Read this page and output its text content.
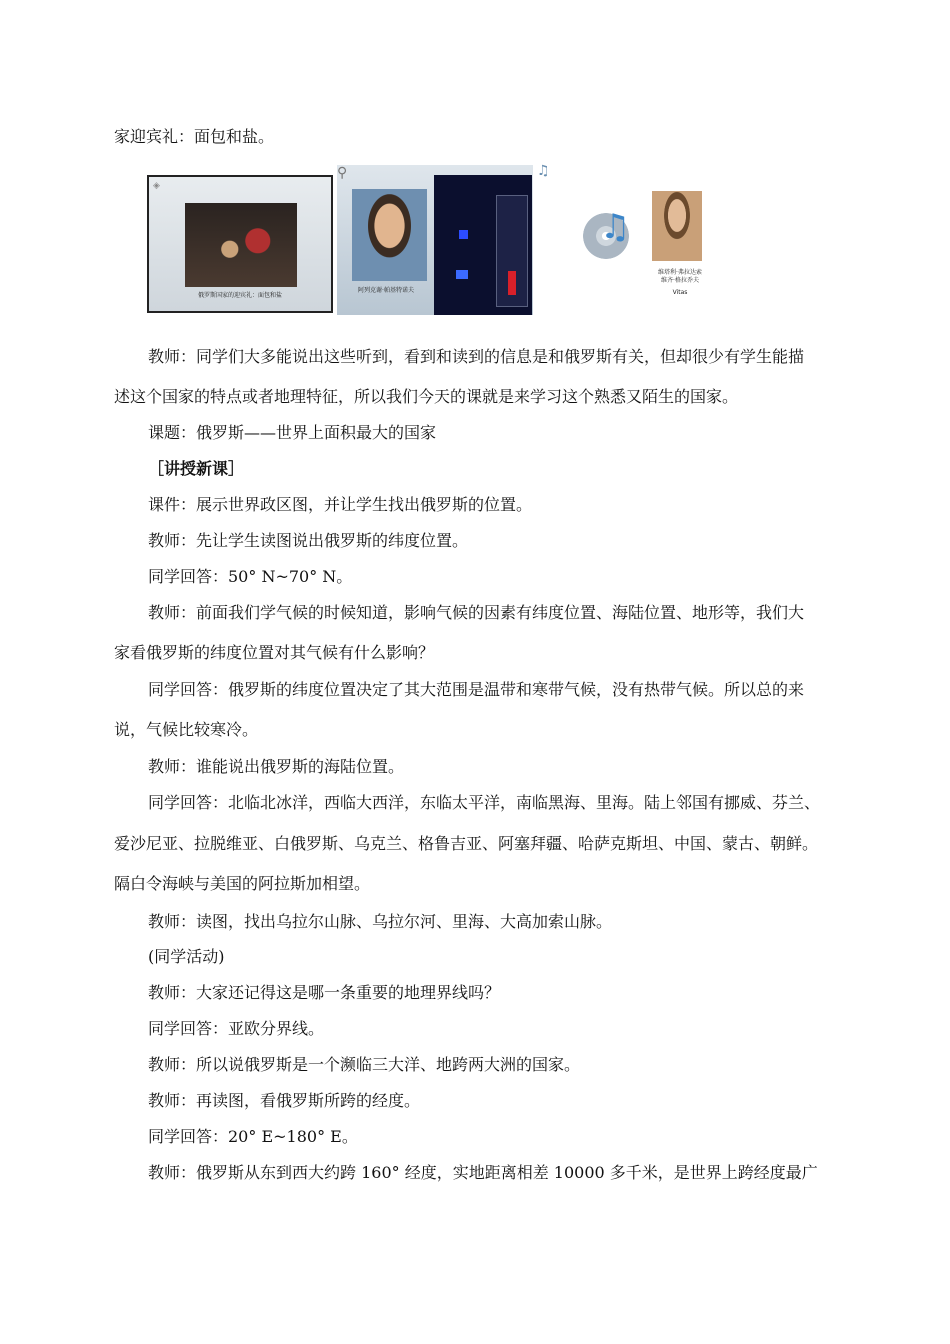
家迎宾礼：面包和盐。
◈
俄罗斯国家的迎宾礼：面包和盐
⚲
阿列克谢·帕基特诺夫
♫
♫
维塔利·弗拉达索
维齐·格拉乔夫
Vitas
教师：同学们大多能说出这些听到，看到和读到的信息是和俄罗斯有关，但却很少有学生能描
述这个国家的特点或者地理特征，所以我们今天的课就是来学习这个熟悉又陌生的国家。
课题：俄罗斯——世界上面积最大的国家
［讲授新课］
课件：展示世界政区图，并让学生找出俄罗斯的位置。
教师：先让学生读图说出俄罗斯的纬度位置。
同学回答：50° N~70° N。
教师：前面我们学气候的时候知道，影响气候的因素有纬度位置、海陆位置、地形等，我们大
家看俄罗斯的纬度位置对其气候有什么影响？
同学回答：俄罗斯的纬度位置决定了其大范围是温带和寒带气候，没有热带气候。所以总的来
说，气候比较寒冷。
教师：谁能说出俄罗斯的海陆位置。
同学回答：北临北冰洋，西临大西洋，东临太平洋，南临黑海、里海。陆上邻国有挪威、芬兰、
爱沙尼亚、拉脱维亚、白俄罗斯、乌克兰、格鲁吉亚、阿塞拜疆、哈萨克斯坦、中国、蒙古、朝鲜。
隔白令海峡与美国的阿拉斯加相望。
教师：读图，找出乌拉尔山脉、乌拉尔河、里海、大高加索山脉。
(同学活动)
教师：大家还记得这是哪一条重要的地理界线吗？
同学回答：亚欧分界线。
教师：所以说俄罗斯是一个濒临三大洋、地跨两大洲的国家。
教师：再读图，看俄罗斯所跨的经度。
同学回答：20° E~180° E。
教师：俄罗斯从东到西大约跨 160° 经度，实地距离相差 10000 多千米，是世界上跨经度最广
